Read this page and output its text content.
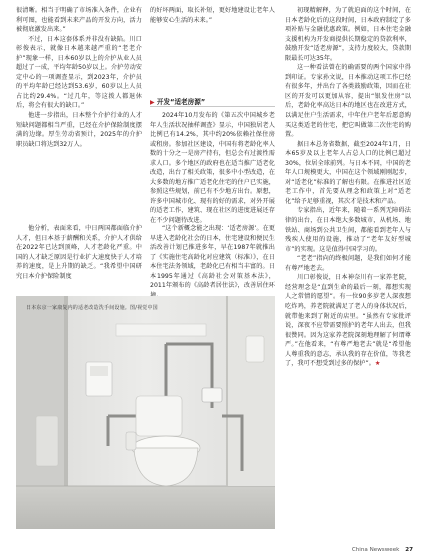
很清晰。相当于明确了市场准入条件，企业有利可图，也能看到未来产品的开发方向，活力被彻底激发出来。”

不过，日本这套体系并非没有缺陷。川口彰俊表示，就像日本越来越严重的“老老介护”现象一样，日本60岁以上的介护从业人员超过了一成，平均年龄50岁以上。介护劳动安定中心的一项调查显示，到2023年，介护员的平均年龄已经达到53.6岁，60岁以上人员占比约29.4%。“过几年，等这拨人都退休后，将会有很大的缺口。”

他进一步指出，日本整个介护行业的人才短缺问题都相当严重，已经在介护保险制度摆满的边缘。厚生劳动省预计，2025年的介护职员缺口将达到32万人。

的好坏两面，取长补短，更好地建设让老年人能够安心生活的未来。”

▶ 开发“适老房源”

2024年10月发布的《第五次中国城乡老年人生活状况抽样调查》显示，中国独居老人比例已有14.2%，其中约20%依赖社保住房或租房。参加社区建设，中国有将老龄化率人数的十分之一是房产持有，但总会有过渡性需求人口。多个地区的政府也在适当推广适老化改造，出台了相关政策，很多中小型改造，在大多数的地方推广适老化住宅的住户已实施，参照这些规划，前已有不少地方出台。原想，许多中国城市化、现有的好的需求，对外开展的适老工作，建筑、现在社区的进度进展还存在不少问题待改进。

他分析，表面来看，中日两国都面临介护人才，但日本基于薪酬和关系，介护人才供给在2022年已达到顶峰，人才老龄化严重。中国的人才缺乏原因是行业扩大速度快于人才培养的速度，是上升期的缺乏。“我希望中国研究日本介护保险制度

“这个新概念能之出现：‘适老房源’。在更早进入老龄化社会的日本，住宅建设和便民生活改善计划已推进多年，早在1987年就推出了《实施住宅高龄化对应建筑（标准）》，在日本住宅法务领域，老龄化已有相当丰富的。日本1995年通过《高龄社会对策基本法》，2011年颁布的《高龄者居住法》，改善居住环

初现精解释，为了就迫面的这个时间，在日本老龄化后的这段时间，日本政府制定了多项补贴与金融优惠政策。例如，日本住宅金融支援机构为开发商提供长期稳定的贷款利率，鼓励开发“适老房源”，支持力度较大，贷款期限最长可达35年。

这一种看法曾在的确需要的两个国家中得到印证。专家孙文说，日本推动这项工作已经有很多年，并出台了各类鼓励政策，因而在社区的开发可以更加从容，提出“银发住房”以后，老龄化率高达日本的地区也在改进方式，以满足住户生活需求，中年住户老年后愿意购买这类适老的住宅，把它叫做第二次住宅的购置。

据日本总务省数据，截至2024年1月，日本65岁及以上老年人占总人口的比例已超过30%，位居全球前列。与日本不同，中国的老年人口规模更大，中国在这个领域刚刚起步，对“适老化”标准的了解也有限。在推进社区适老工作中，首先要从理念和政策上对“适老化”给予足够重视，其次才是技术和产品。

专家指出，近年来，随着一系列无障碍法律的出台，在日本绝大多数城市，从机场、地铁站、商场到公共卫生间，都能看到老年人与残疾人使用的设施，推动了“老年友好型城市”的实现。这是值得中国学习的。

“老老”指向的终极问题，是我们如何才能有尊严地老去。

川口彰俊说，日本神奈川有一家养老院，经营理念是“直到生命的最后一刻，都想实现人之常情的愿望”。有一位90多岁老人深夜想吃炸鸡，养老院就满足了老人的身体状况后，就带他来到了附近的店里。“虽然有专家批评说，深夜不应带需要照护的老年人出去，但我很赞同。因为这家养老院深刻地理解了何谓尊严。”在他看来，“有尊严地老去”就是“希望他人尊重我的意志，承认我的存在价值，等我老了，我可不想受到过多的保护”。★

日本东京一家康复内的适老改造洗手间设施。图/视觉中国
China Newsweek 27
